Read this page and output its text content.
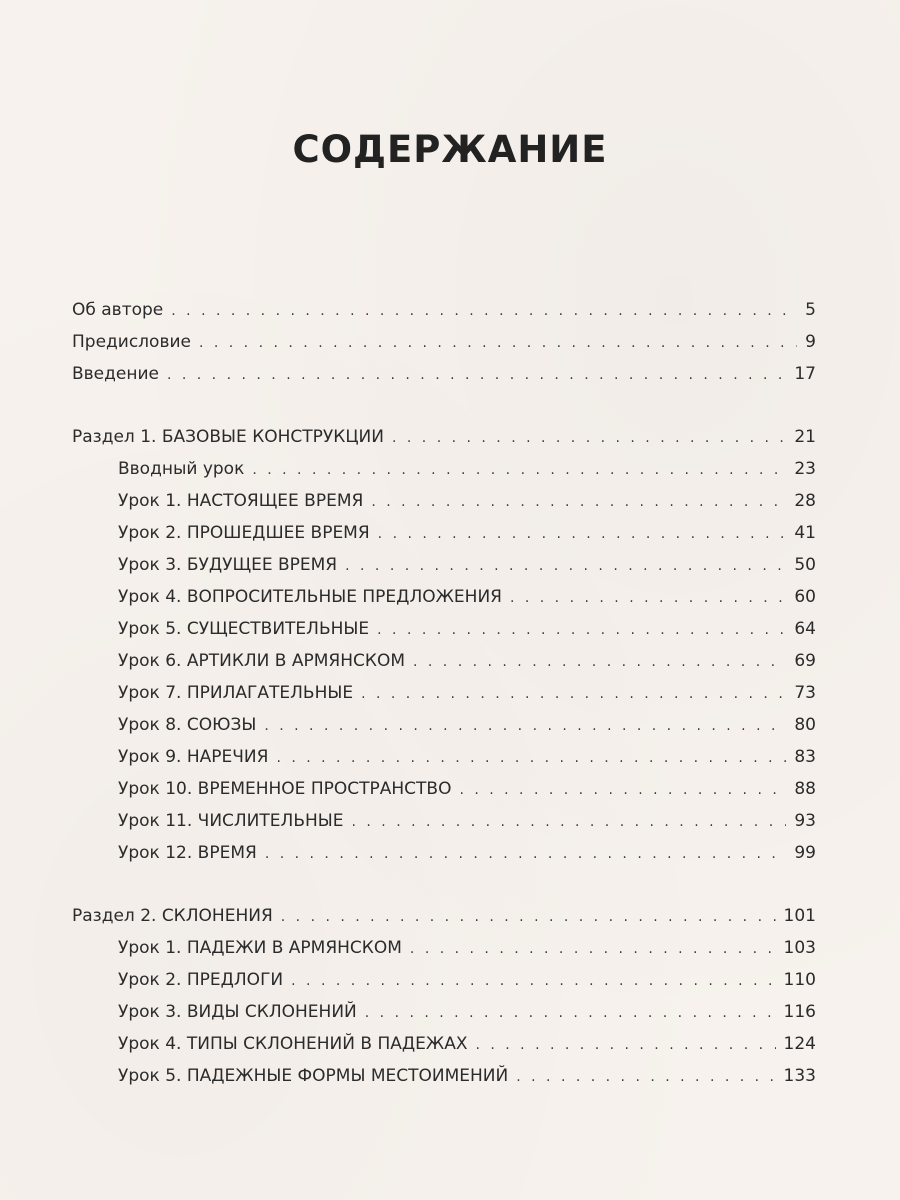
СОДЕРЖАНИЕ
Об авторе . . .	5
Предисловие . . .	9
Введение . . .	17
Раздел 1. БАЗОВЫЕ КОНСТРУКЦИИ . . .	21
Вводный урок . . .	23
Урок 1. НАСТОЯЩЕЕ ВРЕМЯ . . .	28
Урок 2. ПРОШЕДШЕЕ ВРЕМЯ . . .	41
Урок 3. БУДУЩЕЕ ВРЕМЯ . . .	50
Урок 4. ВОПРОСИТЕЛЬНЫЕ ПРЕДЛОЖЕНИЯ . . .	60
Урок 5. СУЩЕСТВИТЕЛЬНЫЕ . . .	64
Урок 6. АРТИКЛИ В АРМЯНСКОМ . . .	69
Урок 7. ПРИЛАГАТЕЛЬНЫЕ . . .	73
Урок 8. СОЮЗЫ . . .	80
Урок 9. НАРЕЧИЯ . . .	83
Урок 10. ВРЕМЕННОЕ ПРОСТРАНСТВО . . .	88
Урок 11. ЧИСЛИТЕЛЬНЫЕ . . .	93
Урок 12. ВРЕМЯ . . .	99
Раздел 2. СКЛОНЕНИЯ . . .	101
Урок 1. ПАДЕЖИ В АРМЯНСКОМ . . .	103
Урок 2. ПРЕДЛОГИ . . .	110
Урок 3. ВИДЫ СКЛОНЕНИЙ . . .	116
Урок 4. ТИПЫ СКЛОНЕНИЙ В ПАДЕЖАХ . . .	124
Урок 5. ПАДЕЖНЫЕ ФОРМЫ МЕСТОИМЕНИЙ . . .	133
